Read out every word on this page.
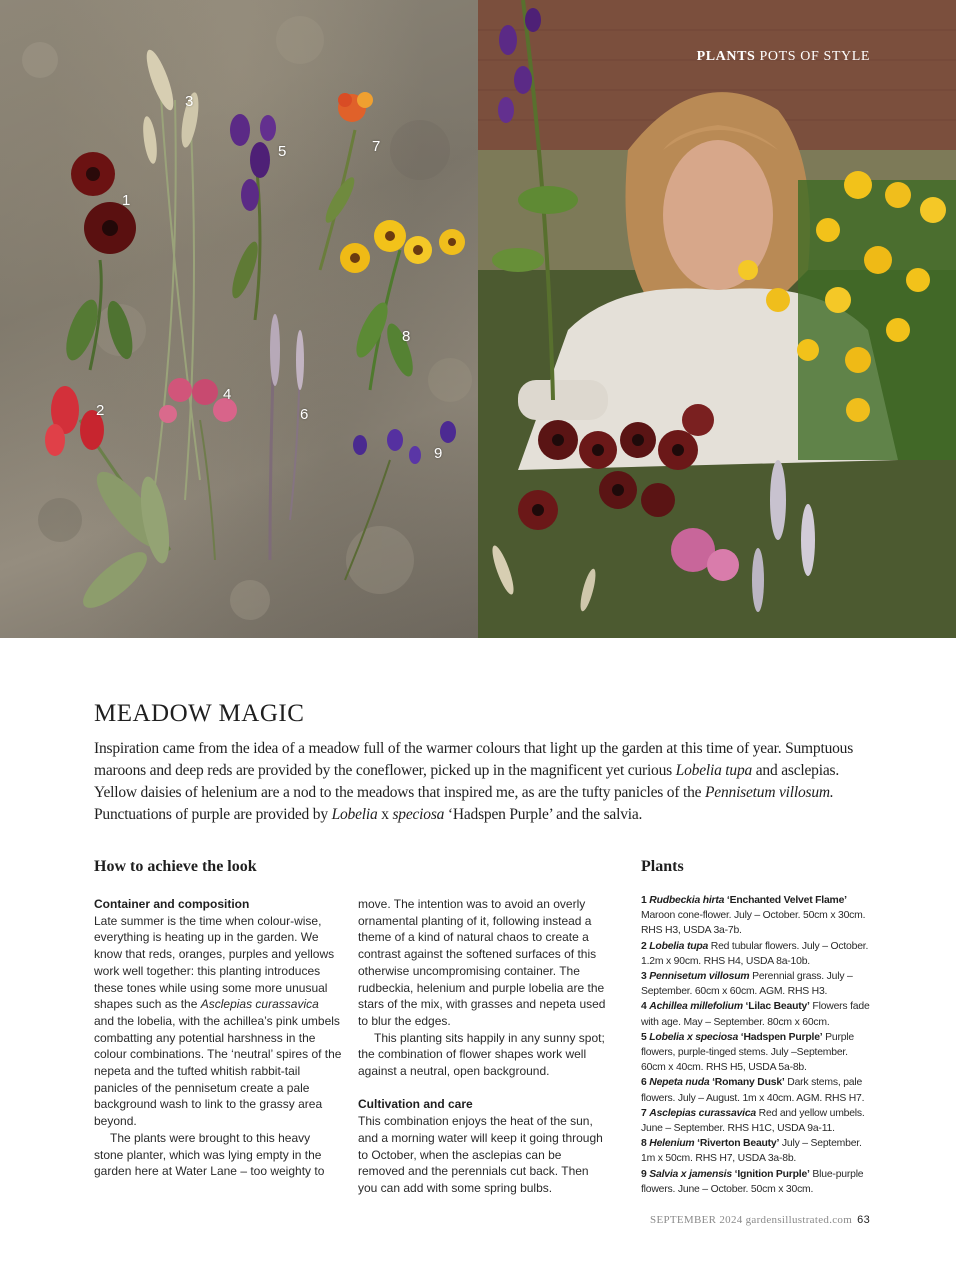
1
2
3
4
5
6
7
8
9
PLANTS POTS OF STYLE
MEADOW MAGIC

Inspiration came from the idea of a meadow full of the warmer colours that light up the garden at this time of year. Sumptuous maroons and deep reds are provided by the coneflower, picked up in the magnificent yet curious Lobelia tupa and asclepias. Yellow daisies of helenium are a nod to the meadows that inspired me, as are the tufty panicles of the Pennisetum villosum. Punctuations of purple are provided by Lobelia x speciosa ‘Hadspen Purple’ and the salvia.

How to achieve the look	Plants

Container and composition

Late summer is the time when colour-wise, everything is heating up in the garden. We know that reds, oranges, purples and yellows work well together: this planting introduces these tones while using some more unusual shapes such as the Asclepias curassavica and the lobelia, with the achillea’s pink umbels combatting any potential harshness in the colour combinations. The ‘neutral’ spires of the nepeta and the tufted whitish rabbit-tail panicles of the pennisetum create a pale background wash to link to the grassy area beyond.

The plants were brought to this heavy stone planter, which was lying empty in the garden here at Water Lane – too weighty to

move. The intention was to avoid an overly ornamental planting of it, following instead a theme of a kind of natural chaos to create a contrast against the softened surfaces of this otherwise uncompromising container. The rudbeckia, helenium and purple lobelia are the stars of the mix, with grasses and nepeta used to blur the edges.

This planting sits happily in any sunny spot; the combination of flower shapes work well against a neutral, open background.

Cultivation and care

This combination enjoys the heat of the sun, and a morning water will keep it going through to October, when the asclepias can be removed and the perennials cut back. Then you can add with some spring bulbs.

1 Rudbeckia hirta ‘Enchanted Velvet Flame’ Maroon cone-flower. July – October. 50cm x 30cm. RHS H3, USDA 3a-7b.
2 Lobelia tupa Red tubular flowers. July – October. 1.2m x 90cm. RHS H4, USDA 8a-10b.
3 Pennisetum villosum Perennial grass. July – September. 60cm x 60cm. AGM. RHS H3.
4 Achillea millefolium ‘Lilac Beauty’ Flowers fade with age. May – September. 80cm x 60cm.
5 Lobelia x speciosa ‘Hadspen Purple’ Purple flowers, purple-tinged stems. July –September. 60cm x 40cm. RHS H5, USDA 5a-8b.
6 Nepeta nuda ‘Romany Dusk’ Dark stems, pale flowers. July – August. 1m x 40cm. AGM. RHS H7.
7 Asclepias curassavica Red and yellow umbels. June – September. RHS H1C, USDA 9a-11.
8 Helenium ‘Riverton Beauty’ July – September. 1m x 50cm. RHS H7, USDA 3a-8b.
9 Salvia x jamensis ‘Ignition Purple’ Blue-purple flowers. June – October. 50cm x 30cm.
SEPTEMBER 2024 gardensillustrated.com 63
